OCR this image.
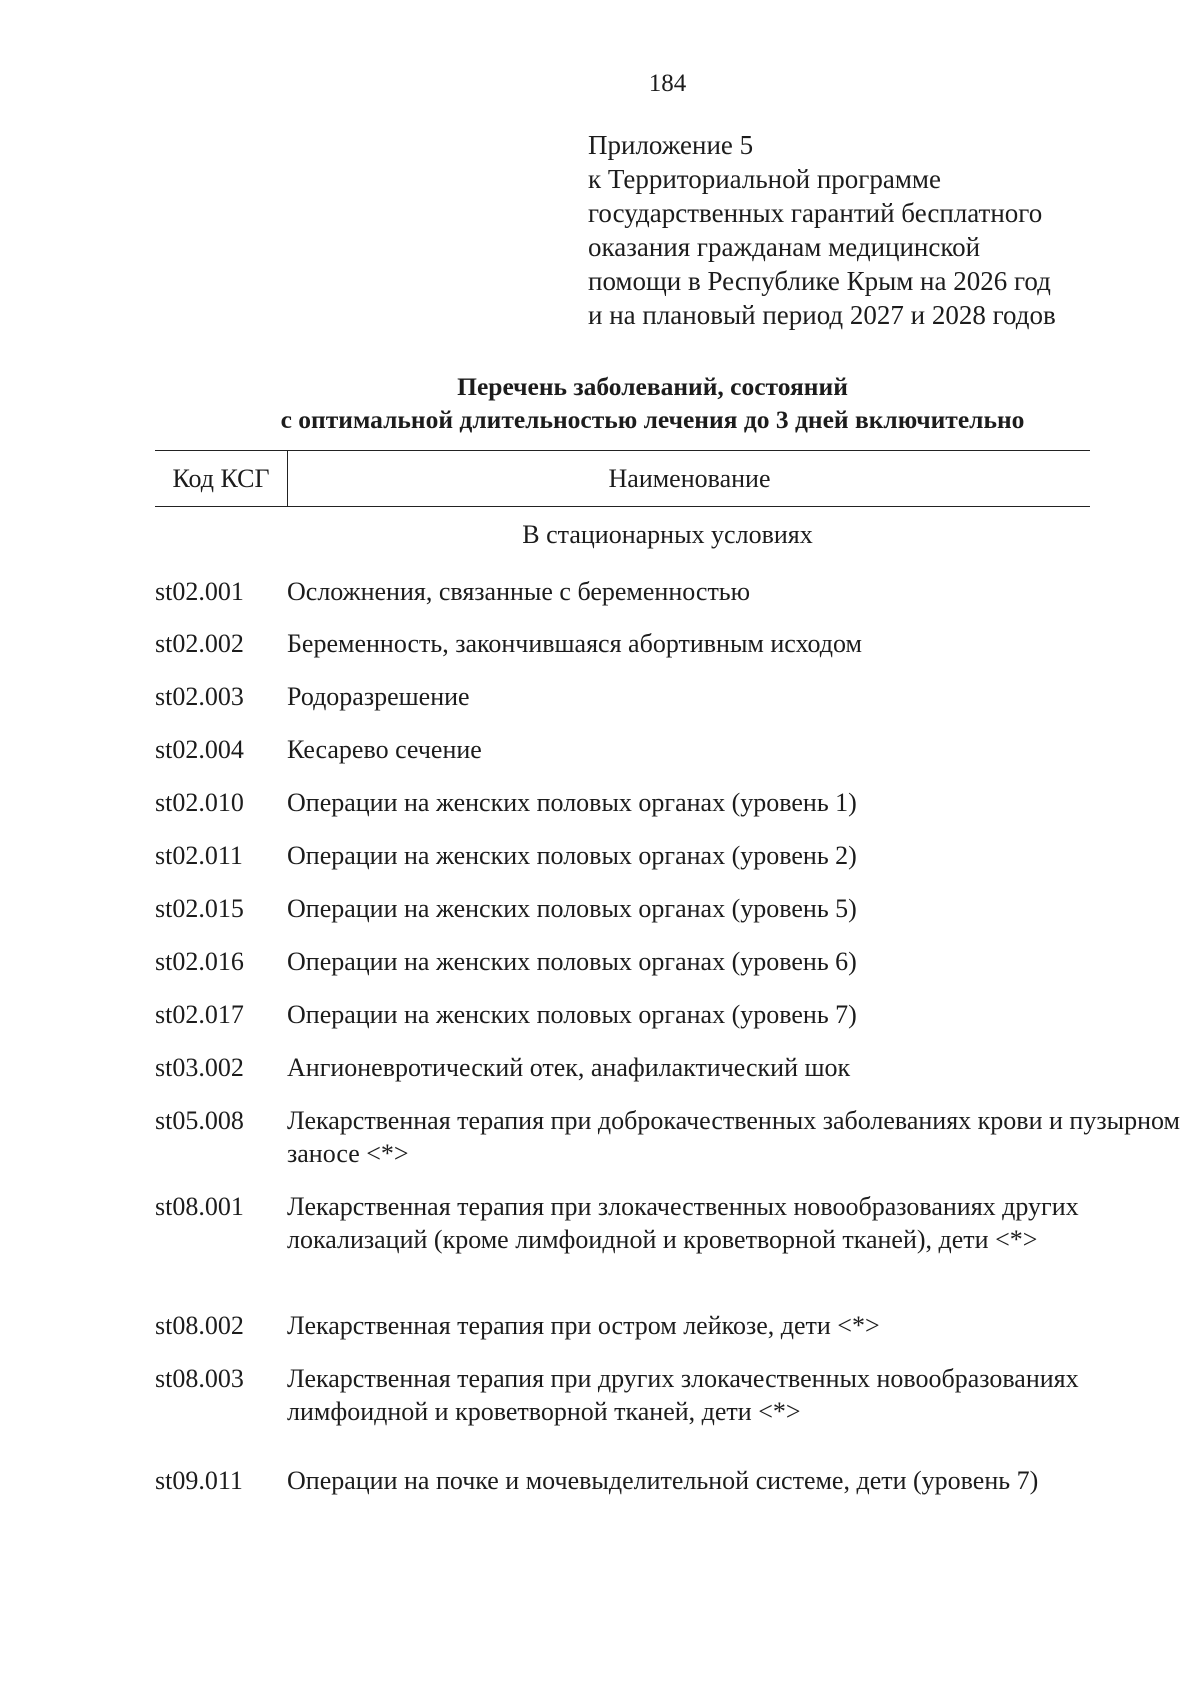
184
Приложение 5
к Территориальной программе
государственных гарантий бесплатного
оказания гражданам медицинской
помощи в Республике Крым на 2026 год
и на плановый период 2027 и 2028 годов
Перечень заболеваний, состояний
с оптимальной длительностью лечения до 3 дней включительно
Код КСГ	Наименование
В стационарных условиях
st02.001	Осложнения, связанные с беременностью
st02.002	Беременность, закончившаяся абортивным исходом
st02.003	Родоразрешение
st02.004	Кесарево сечение
st02.010	Операции на женских половых органах (уровень 1)
st02.011	Операции на женских половых органах (уровень 2)
st02.015	Операции на женских половых органах (уровень 5)
st02.016	Операции на женских половых органах (уровень 6)
st02.017	Операции на женских половых органах (уровень 7)
st03.002	Ангионевротический отек, анафилактический шок
st05.008	Лекарственная терапия при доброкачественных заболеваниях крови и пузырном заносе <*>
st08.001	Лекарственная терапия при злокачественных новообразованиях других локализаций (кроме лимфоидной и кроветворной тканей), дети <*>
st08.002	Лекарственная терапия при остром лейкозе, дети <*>
st08.003	Лекарственная терапия при других злокачественных новообразованиях лимфоидной и кроветворной тканей, дети <*>
st09.011	Операции на почке и мочевыделительной системе, дети (уровень 7)
